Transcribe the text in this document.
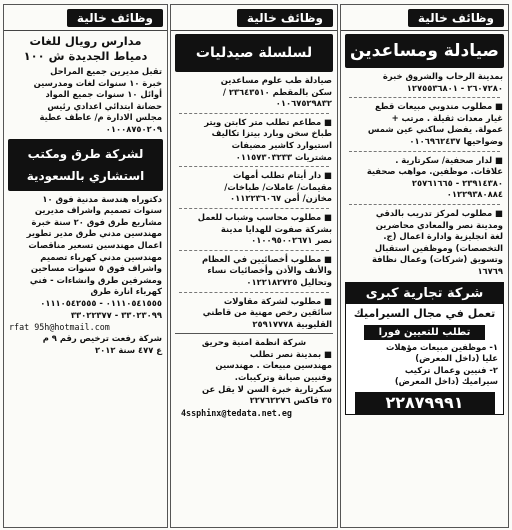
وظائف خالية
صيادلة ومساعدين
بمدينة الرحاب والشروق خبرة
٢٦٠٧٢٨٠ - ١٢٧٥٥٣٦٨٠١
■ مطلوب مندوبي مبيعات قطع
غيار معدات ثقيلة . مرتب +
عمولة. يفضل ساكني عين شمس
وضواحيها ٠١٠٦٩٦٢٤٣٧
■ لدار صحفية/ سكرتارية .
علاقات. موظفين. مواهب صحفية
٢٣٩١٤٣٨٠ - ٢٥٧٦١٦٦٥
٠١٢٢٩٣٨٠٨٨٤
■ مطلوب لمركز تدريب بالدقي
ومدينة نصر والمعادي محاضرين
لغة انجليزية وادارة اعمال (ج.
التخصصات) وموظفين استقبال
وتسويق (شركات) وعمال نظافة
١٦٧٦٩
شركة تجارية كبرى
تعمل في مجال السيراميك
تطلب للتعيين فورا
١- موظفين مبيعات مؤهلات
عليا (داخل المعرض)
٢- فنيين وعمال تركيب
سيراميك (داخل المعرض)
٢٢٨٧٩٩٩١
وظائف خالية
لسلسلة صيدليات
صيادلة طب علوم مساعدين
سكن بالمقطم ٢٣٦٤٣٥١٠ /
٠١٠٦٧٥٢٩٨٣٢
■ مطاعم تطلب متر كابتن ويتر
طباخ سخن وبارد بيتزا تكاليف
استيوارد كاشير مضيفات
مشتريات ٠١١٥٧٣٠٣٢٣٣
■ دار أيتام تطلب أمهات
مقيمات/ عاملات/ طباخات/
مخازن/ أمن ٠١١٢٢٣٦٠٦٧
■ مطلوب محاسب وشباب للعمل
بشركة صفوت للهدايا مدينة
نصر ٠١٠٠٩٥٠٠٢٦٧١
■ مطلوب أخصائيين في العظام
والأنف والأذن وأخصائيات نساء
وتحاليل ٠١٢٢١٨٢٧٢٥
■ مطلوب لشركة مقاولات
سائقين رخص مهنية من قاطني
القليوبية ٢٥٩١٧٧٧٨
شركة انظمة امنية وحريق
■ بمدينة نصر تطلب
مهندسين مبيعات . مهندسين
وفنيين صيانة وتركيبات.
سكرتارية خبرة السن لا يقل عن
٣٥ فاكس ٢٢٧٦٢٢٧٦
4ssphinx@tedata.net.eg
وظائف خالية
مدارس رويال للغات
دمياط الجديدة ش ١٠٠
تقبل مديرين جميع المراحل
خبرة ١٠ سنوات لغات ومدرسين
أوائل ١٠ سنوات جميع المواد
حضانة ابتدائي اعدادي رئيس
مجلس الادارة م/ عاطف عطية
٠١٠٠٨٧٥٠٢٠٩
لشركة طرق ومكتب
استشاري بالسعودية
دكتوراه هندسة مدنية فوق ١٠
سنوات تصميم واشراف مديرين
مشاريع طرق فوق ٢٠ سنة خبرة
مهندسين مدني طرق مدير تطوير
اعمال مهندسين تسعير مناقصات
مهندسين مدني كهرباء تصميم
واشراف فوق ٥ سنوات مساحين
ومشرفين طرق وانشاءات - فني
كهرباء انارة طرق
٠١١١٠٥٤١٥٥٥ - ٠١١١٠٥٤٢٥٥٥
٣٣٠٢٣٠٩٩ - ٣٣٠٢٢٣٧٧
rfat 95h@hotmail.com
شركة رفعت ترخيص رقم ٩ م
ع ٤٧٧ سنة ٢٠١٢
